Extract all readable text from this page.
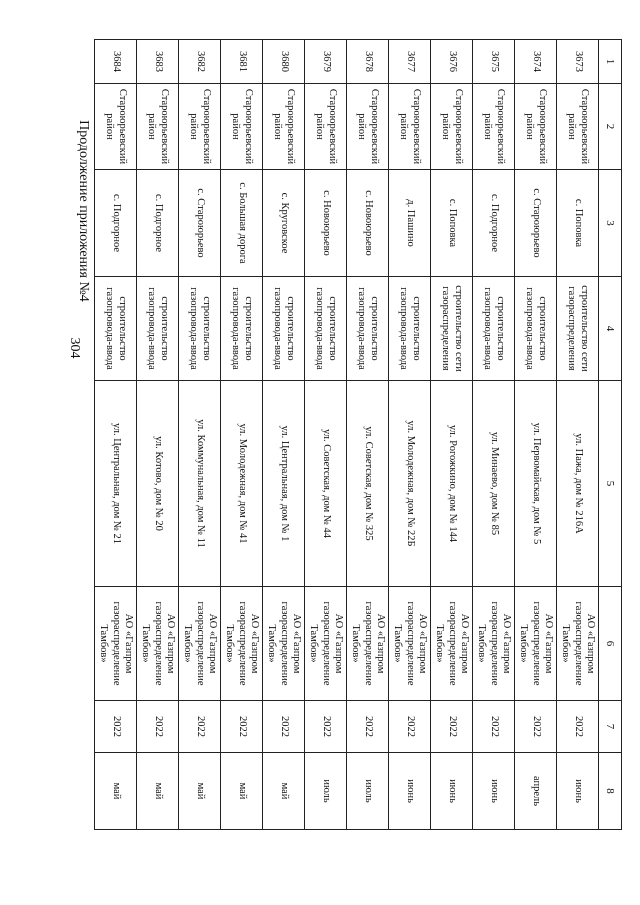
304
Продолжение приложения №4
1	2	3	4	5	6	7	8
3673	Староюрьевский район	с. Поповка	строительство сети газораспределения	ул. Пажа, дом № 216А	АО «Газпром газораспределение Тамбов»	2022	июнь
3674	Староюрьевский район	с. Староюрьево	строительство газопровода-ввода	ул. Первомайская, дом № 5	АО «Газпром газораспределение Тамбов»	2022	апрель
3675	Староюрьевский район	с. Подгорное	строительство газопровода-ввода	ул. Минаево, дом № 85	АО «Газпром газораспределение Тамбов»	2022	июнь
3676	Староюрьевский район	с. Поповка	строительство сети газораспределения	ул. Рогожкино, дом № 144	АО «Газпром газораспределение Тамбов»	2022	июнь
3677	Староюрьевский район	д. Пашино	строительство газопровода-ввода	ул. Молодежная, дом № 22Б	АО «Газпром газораспределение Тамбов»	2022	июнь
3678	Староюрьевский район	с. Новоюрьево	строительство газопровода-ввода	ул. Советская, дом № 325	АО «Газпром газораспределение Тамбов»	2022	июль
3679	Староюрьевский район	с. Новоюрьево	строительство газопровода-ввода	ул. Советская, дом № 44	АО «Газпром газораспределение Тамбов»	2022	июль
3680	Староюрьевский район	с. Круговское	строительство газопровода-ввода	ул. Центральная, дом № 1	АО «Газпром газораспределение Тамбов»	2022	май
3681	Староюрьевский район	с. Большая дорога	строительство газопровода-ввода	ул. Молодежная, дом № 41	АО «Газпром газораспределение Тамбов»	2022	май
3682	Староюрьевский район	с. Староюрьево	строительство газопровода-ввода	ул. Коммунальная, дом № 11	АО «Газпром газораспределение Тамбов»	2022	май
3683	Староюрьевский район	с. Подгорное	строительство газопровода-ввода	ул. Котово, дом № 20	АО «Газпром газораспределение Тамбов»	2022	май
3684	Староюрьевский район	с. Подгорное	строительство газопровода-ввода	ул. Центральная, дом № 21	АО «Газпром газораспределение Тамбов»	2022	май
